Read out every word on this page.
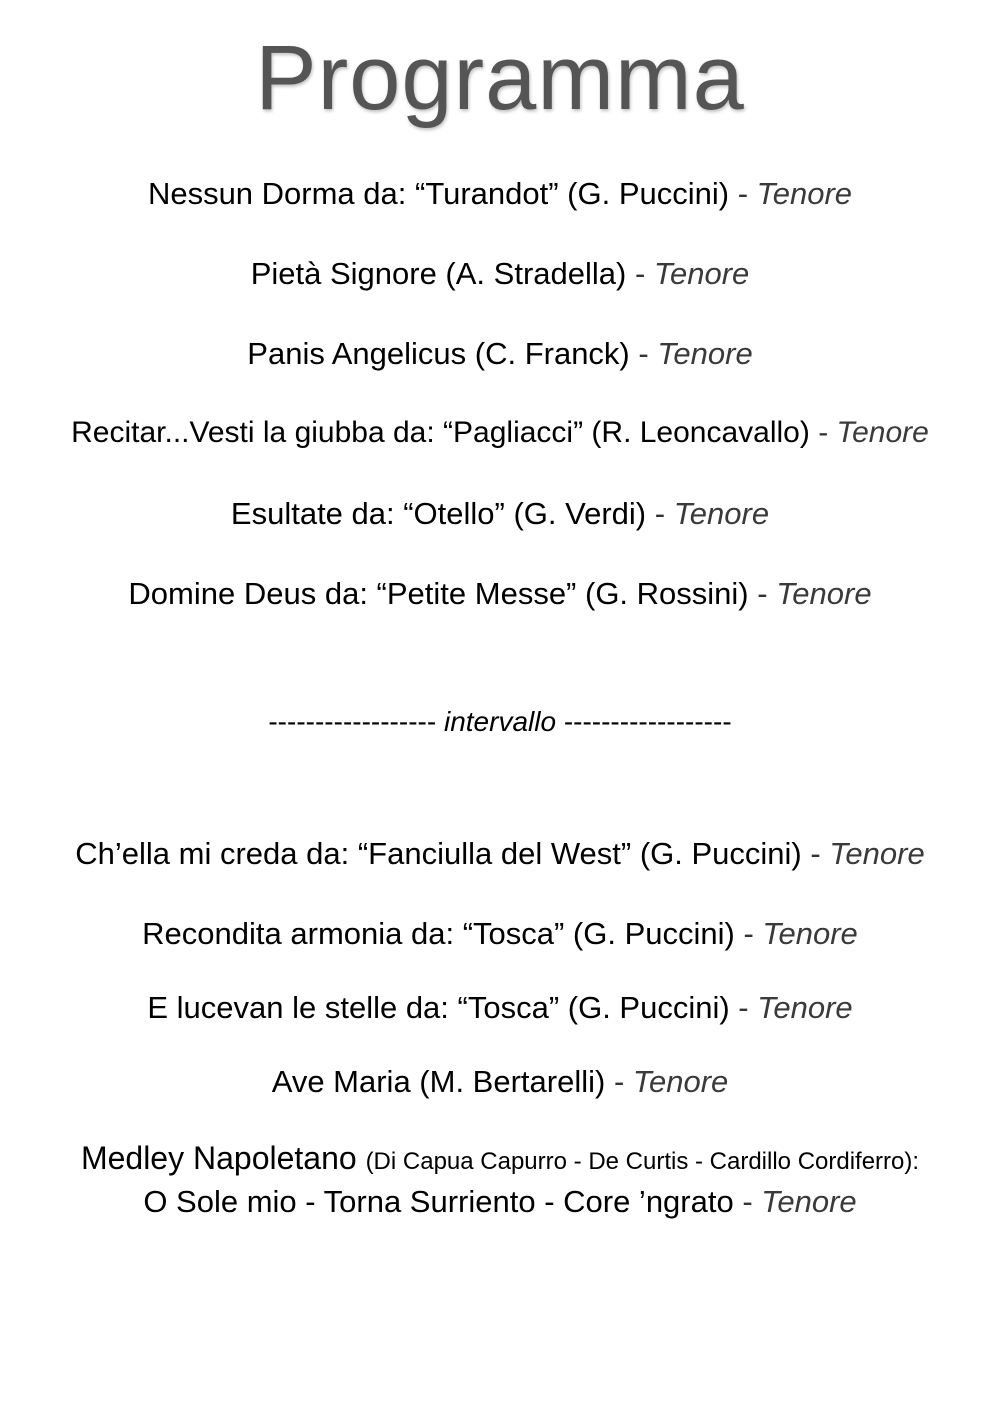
Programma
Nessun Dorma da: “Turandot” (G. Puccini) - Tenore
Pietà Signore (A. Stradella) - Tenore
Panis Angelicus (C. Franck) - Tenore
Recitar...Vesti la giubba da: “Pagliacci” (R. Leoncavallo) - Tenore
Esultate da: “Otello” (G. Verdi) - Tenore
Domine Deus da: “Petite Messe” (G. Rossini) - Tenore
------------------ intervallo ------------------
Ch’ella mi creda da: “Fanciulla del West” (G. Puccini) - Tenore
Recondita armonia da: “Tosca” (G. Puccini) - Tenore
E lucevan le stelle da: “Tosca” (G. Puccini) - Tenore
Ave Maria (M. Bertarelli) - Tenore
Medley Napoletano (Di Capua Capurro - De Curtis - Cardillo Cordiferro):
O Sole mio - Torna Surriento - Core ’ngrato - Tenore
